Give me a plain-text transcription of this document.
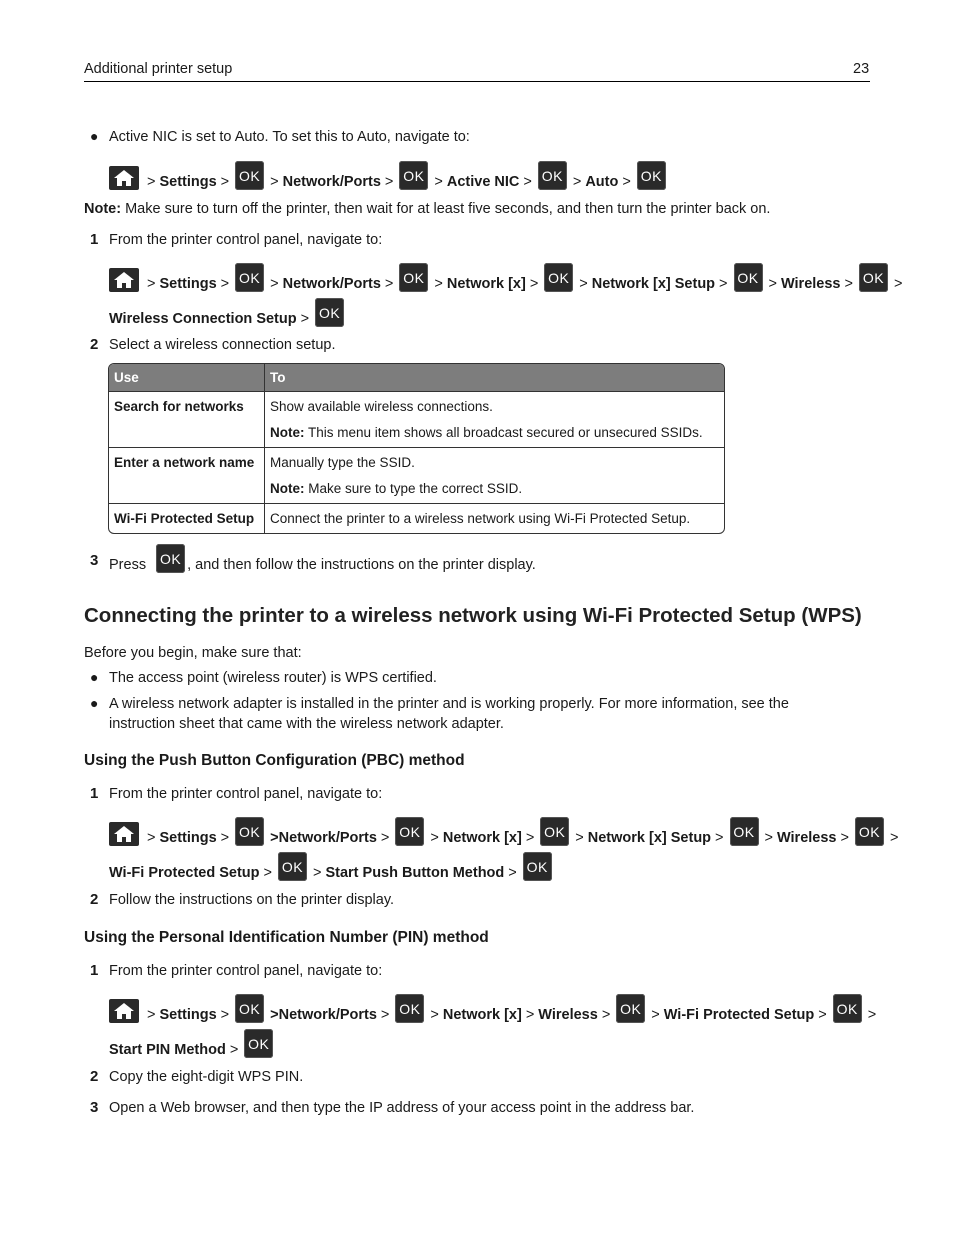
Additional printer setup	23
● Active NIC is set to Auto. To set this to Auto, navigate to:
> Settings > OK > Network/Ports > OK > Active NIC > OK > Auto > OK
Note: Make sure to turn off the printer, then wait for at least five seconds, and then turn the printer back on.
1 From the printer control panel, navigate to:
> Settings > OK > Network/Ports > OK > Network [x] > OK > Network [x] Setup > OK > Wireless > OK >
Wireless Connection Setup > OK
2 Select a wireless connection setup.
Use	To
Search for networks	Show available wireless connections.

Note: This menu item shows all broadcast secured or unsecured SSIDs.

Enter a network name	Manually type the SSID.

Note: Make sure to type the correct SSID.

Wi‑Fi Protected Setup	Connect the printer to a wireless network using Wi‑Fi Protected Setup.
3 Press OK , and then follow the instructions on the printer display.
Connecting the printer to a wireless network using Wi‑Fi Protected Setup (WPS)
Before you begin, make sure that:
● The access point (wireless router) is WPS certified.
● A wireless network adapter is installed in the printer and is working properly. For more information, see the
instruction sheet that came with the wireless network adapter.
Using the Push Button Configuration (PBC) method
1 From the printer control panel, navigate to:
> Settings > OK >Network/Ports > OK > Network [x] > OK > Network [x] Setup > OK > Wireless > OK >
Wi‑Fi Protected Setup > OK > Start Push Button Method > OK
2 Follow the instructions on the printer display.
Using the Personal Identification Number (PIN) method
1 From the printer control panel, navigate to:
> Settings > OK >Network/Ports > OK > Network [x] > Wireless > OK > Wi‑Fi Protected Setup > OK >
Start PIN Method > OK
2 Copy the eight-digit WPS PIN.
3 Open a Web browser, and then type the IP address of your access point in the address bar.
